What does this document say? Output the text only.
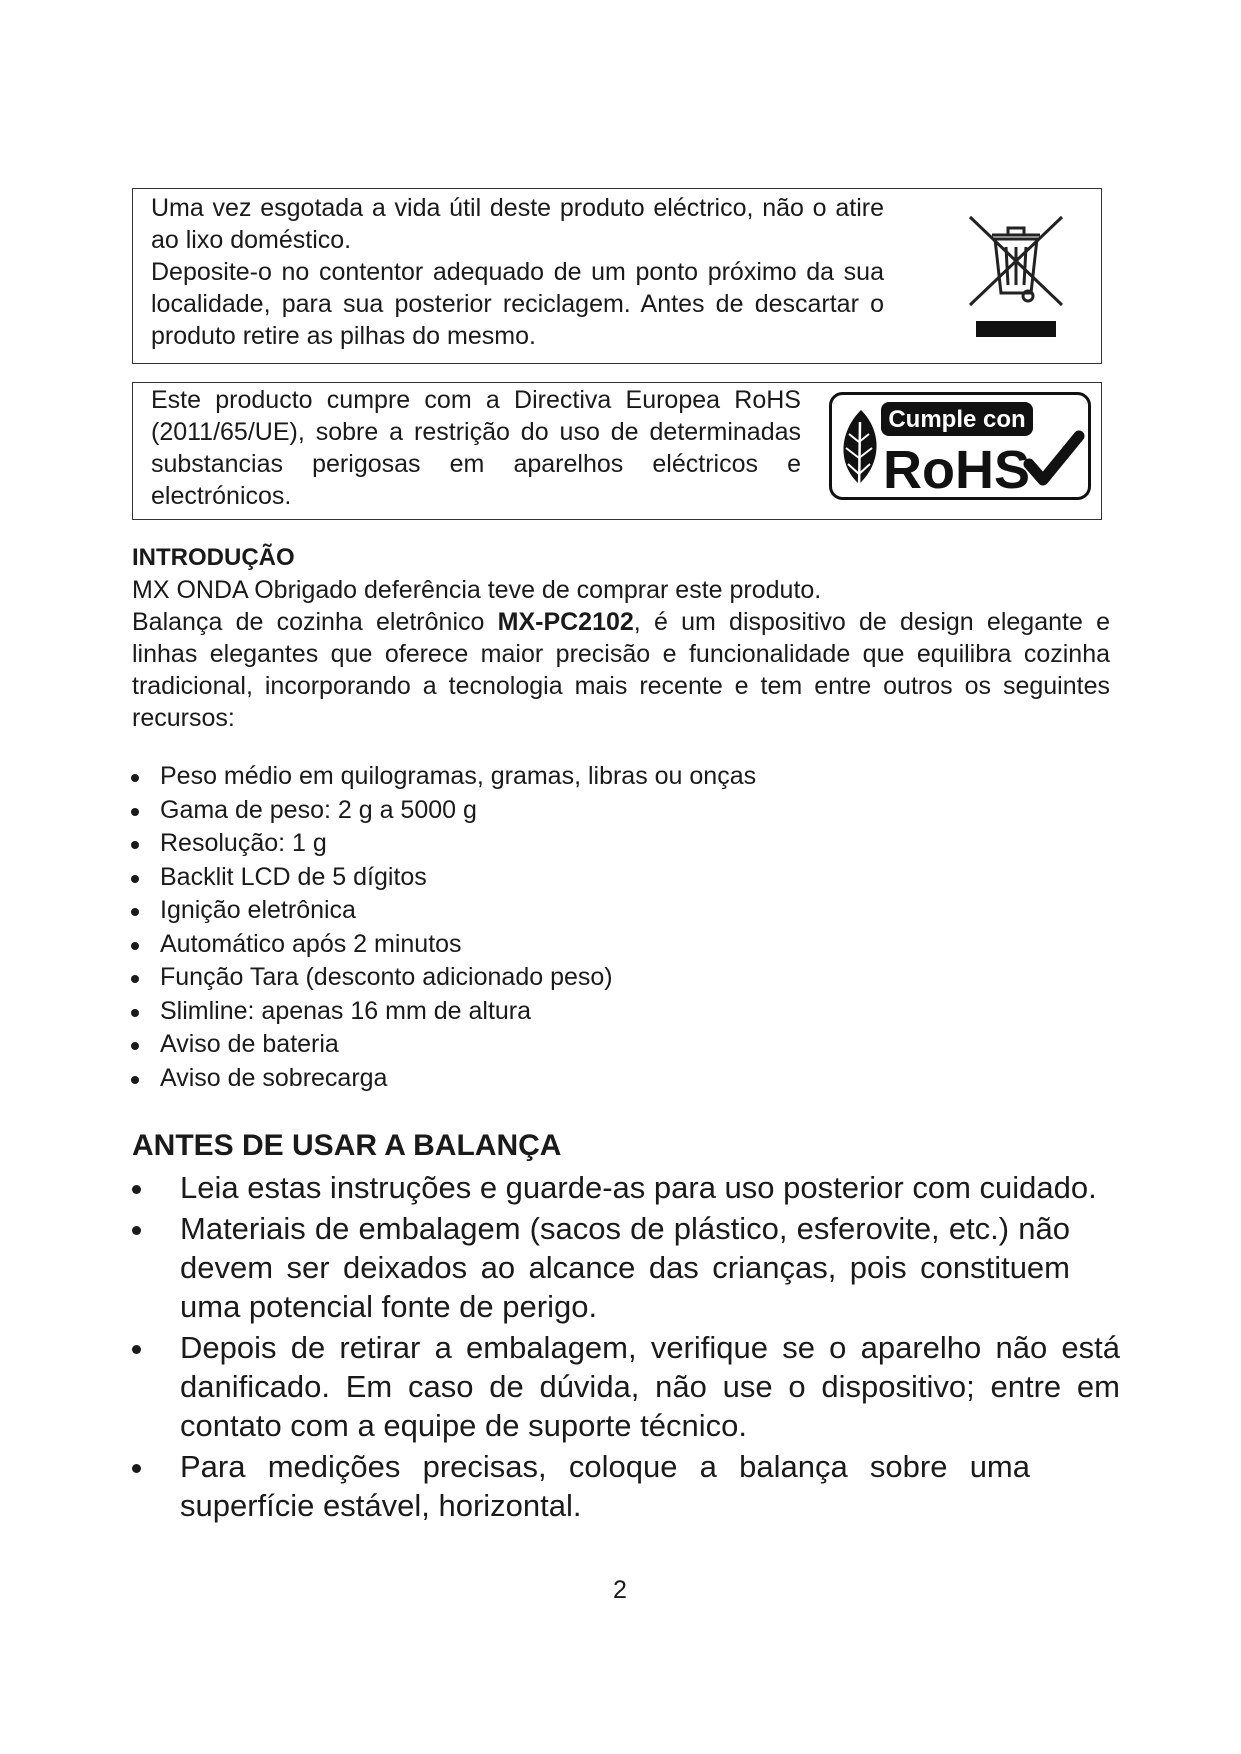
Uma vez esgotada a vida útil deste produto eléctrico, não o atire ao lixo doméstico.

Deposite-o no contentor adequado de um ponto próximo da sua localidade, para sua posterior reciclagem. Antes de descartar o produto retire as pilhas do mesmo.

Este producto cumpre com a Directiva Europea RoHS (2011/65/UE), sobre a restrição do uso de determinadas substancias perigosas em aparelhos eléctricos e electrónicos.
Cumple con
RoHS
INTRODUÇÃO

MX ONDA Obrigado deferência teve de comprar este produto.

Balança de cozinha eletrônico MX-PC2102, é um dispositivo de design elegante e linhas elegantes que oferece maior precisão e funcionalidade que equilibra cozinha tradicional, incorporando a tecnologia mais recente e tem entre outros os seguintes recursos:

Peso médio em quilogramas, gramas, libras ou onças
Gama de peso: 2 g a 5000 g
Resolução: 1 g
Backlit LCD de 5 dígitos
Ignição eletrônica
Automático após 2 minutos
Função Tara (desconto adicionado peso)
Slimline: apenas 16 mm de altura
Aviso de bateria
Aviso de sobrecarga
ANTES DE USAR A BALANÇA
Leia estas instruções e guarde-as para uso posterior com cuidado.
Materiais de embalagem (sacos de plástico, esferovite, etc.) não devem ser deixados ao alcance das crianças, pois constituem uma potencial fonte de perigo.
Depois de retirar a embalagem, verifique se o aparelho não está danificado. Em caso de dúvida, não use o dispositivo; entre em contato com a equipe de suporte técnico.
Para medições precisas, coloque a balança sobre uma superfície estável, horizontal.
2
